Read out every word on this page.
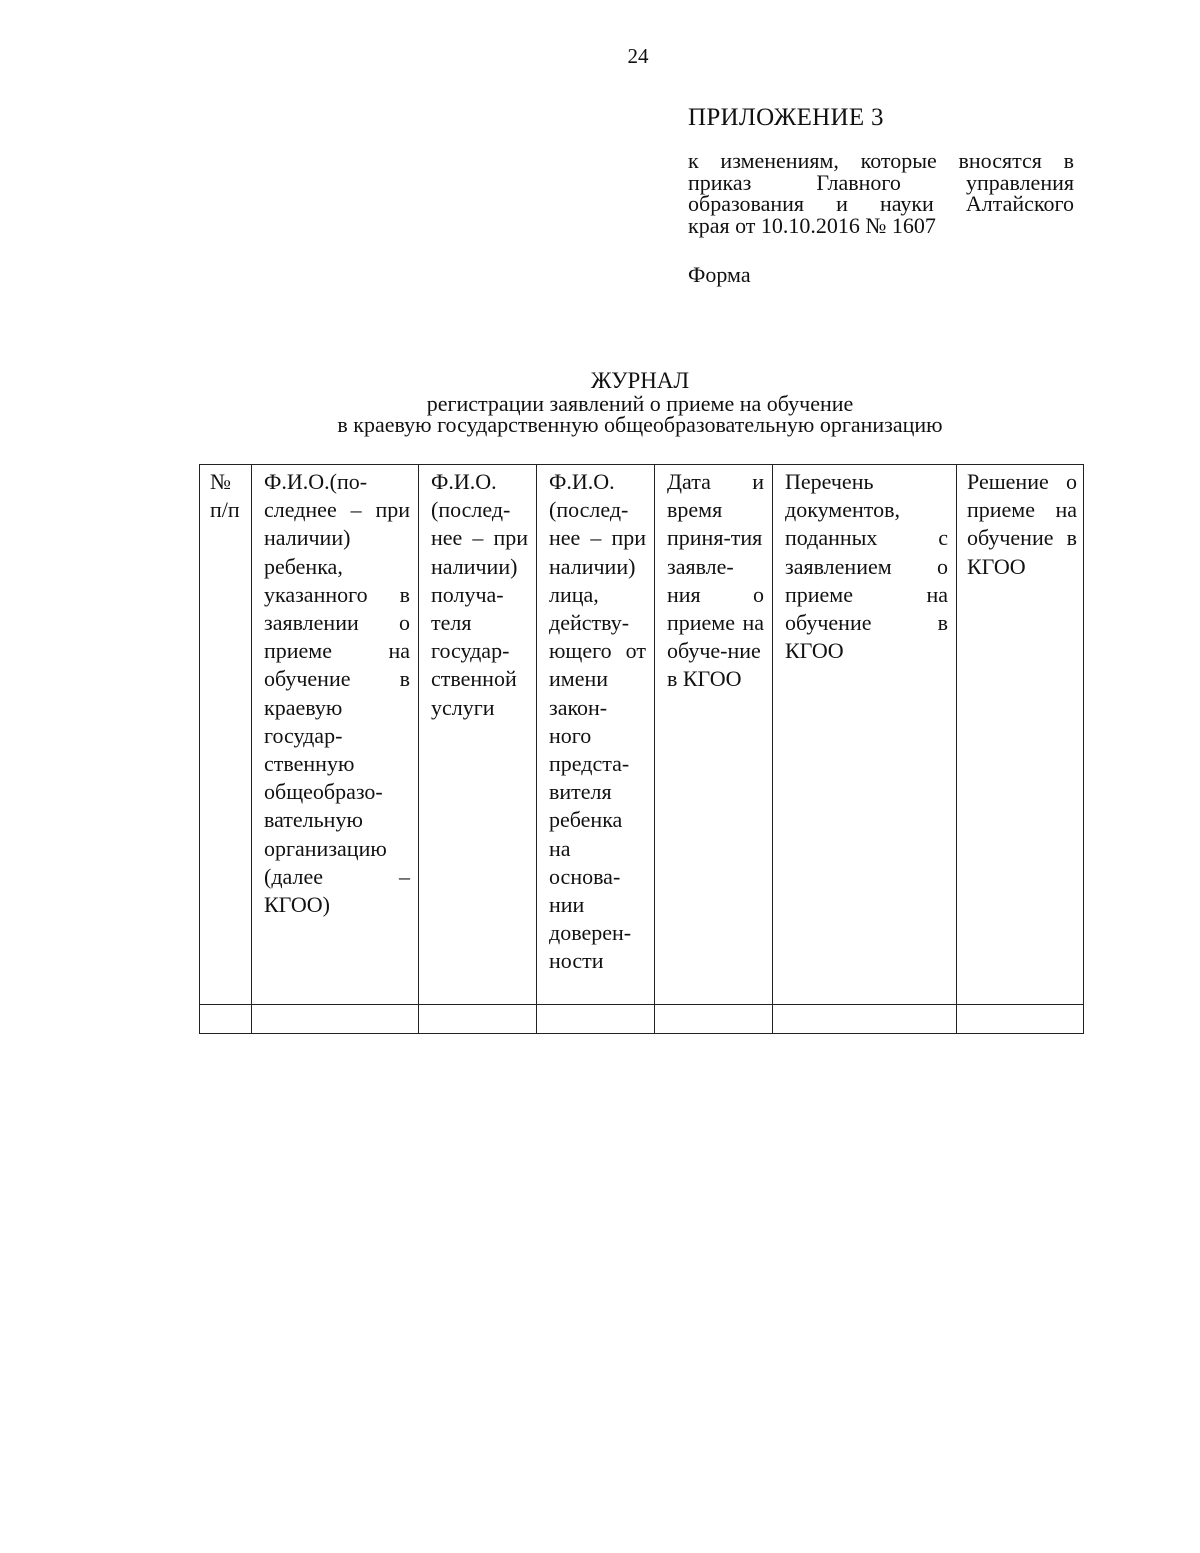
24
ПРИЛОЖЕНИЕ 3
к изменениям, которые вносятся в
приказ Главного управления
образования и науки Алтайского
края от 10.10.2016 № 1607
Форма
ЖУРНАЛ
регистрации заявлений о приеме на обучение
в краевую государственную общеобразовательную организацию
№ п/п	Ф.И.О.(по-следнее – при наличии) ребенка, указанного в заявлении о приеме на обучение в краевую государ-ственную общеобразо-вательную организацию (далее – КГОО)	Ф.И.О. (послед-нее – при наличии) получа-теля государ-ственной услуги	Ф.И.О. (послед-нее – при наличии) лица, действу-ющего от имени закон-ного предста-вителя ребенка на основа-нии доверен-ности	Дата и время приня-тия заявле-ния о приеме на обуче-ние в КГОО	Перечень документов, поданных с заявлением о приеме на обучение в КГОО	Решение о приеме на обучение в КГОО
